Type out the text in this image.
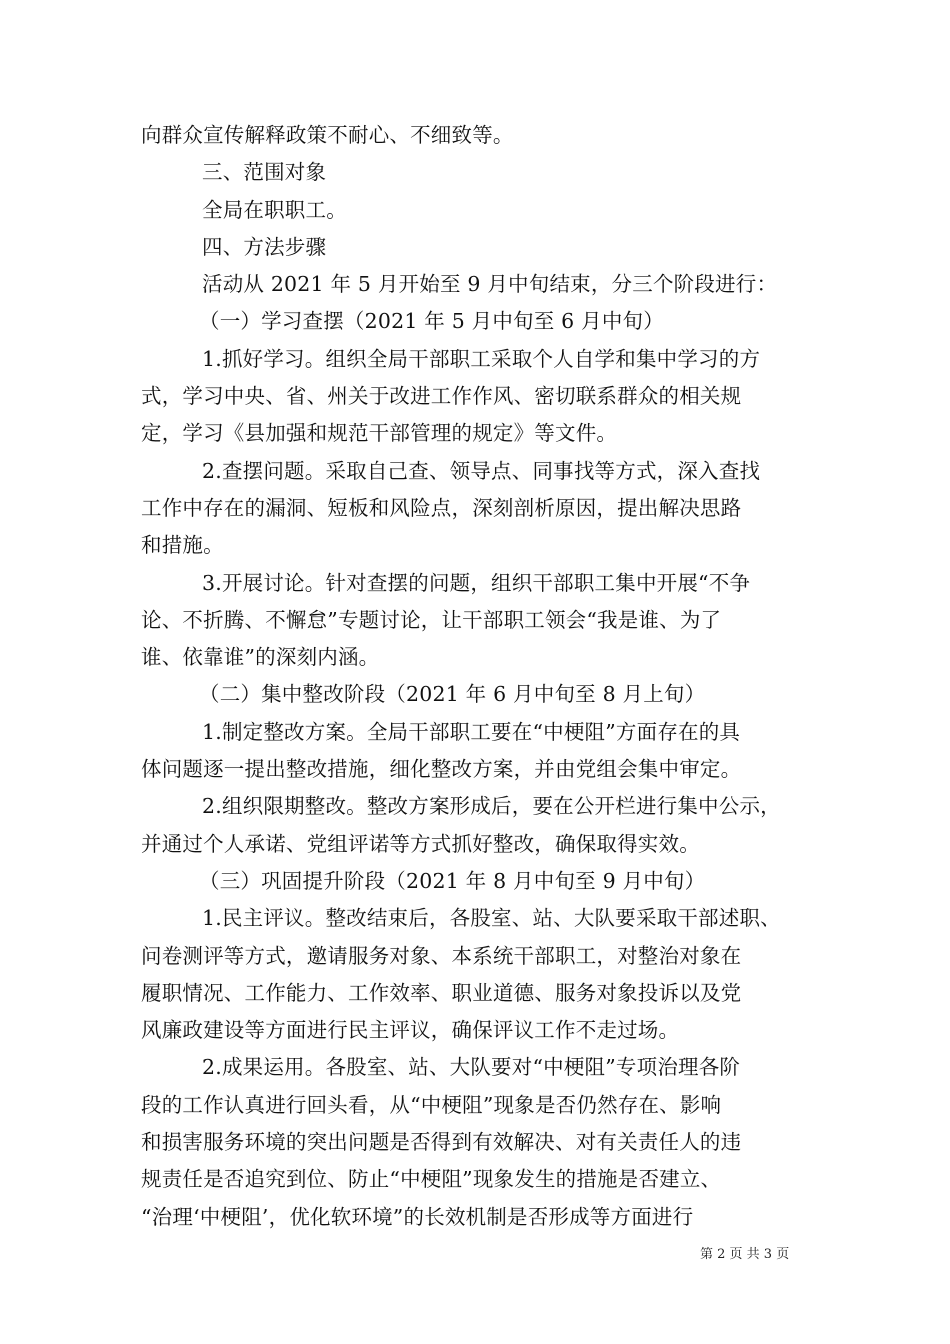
向群众宣传解释政策不耐心、不细致等。
三、范围对象
全局在职职工。
四、方法步骤
活动从 2021 年 5 月开始至 9 月中旬结束，分三个阶段进行：
（一）学习查摆（2021 年 5 月中旬至 6 月中旬）
1.抓好学习。组织全局干部职工采取个人自学和集中学习的方
式，学习中央、省、州关于改进工作作风、密切联系群众的相关规
定，学习《县加强和规范干部管理的规定》等文件。
2.查摆问题。采取自己查、领导点、同事找等方式，深入查找
工作中存在的漏洞、短板和风险点，深刻剖析原因，提出解决思路
和措施。
3.开展讨论。针对查摆的问题，组织干部职工集中开展“不争
论、不折腾、不懈怠”专题讨论，让干部职工领会“我是谁、为了
谁、依靠谁”的深刻内涵。
（二）集中整改阶段（2021 年 6 月中旬至 8 月上旬）
1.制定整改方案。全局干部职工要在“中梗阻”方面存在的具
体问题逐一提出整改措施，细化整改方案，并由党组会集中审定。
2.组织限期整改。整改方案形成后，要在公开栏进行集中公示，
并通过个人承诺、党组评诺等方式抓好整改，确保取得实效。
（三）巩固提升阶段（2021 年 8 月中旬至 9 月中旬）
1.民主评议。整改结束后，各股室、站、大队要采取干部述职、
问卷测评等方式，邀请服务对象、本系统干部职工，对整治对象在
履职情况、工作能力、工作效率、职业道德、服务对象投诉以及党
风廉政建设等方面进行民主评议，确保评议工作不走过场。
2.成果运用。各股室、站、大队要对“中梗阻”专项治理各阶
段的工作认真进行回头看，从“中梗阻”现象是否仍然存在、影响
和损害服务环境的突出问题是否得到有效解决、对有关责任人的违
规责任是否追究到位、防止“中梗阻”现象发生的措施是否建立、
“治理‘中梗阻’，优化软环境”的长效机制是否形成等方面进行
第 2 页 共 3 页
